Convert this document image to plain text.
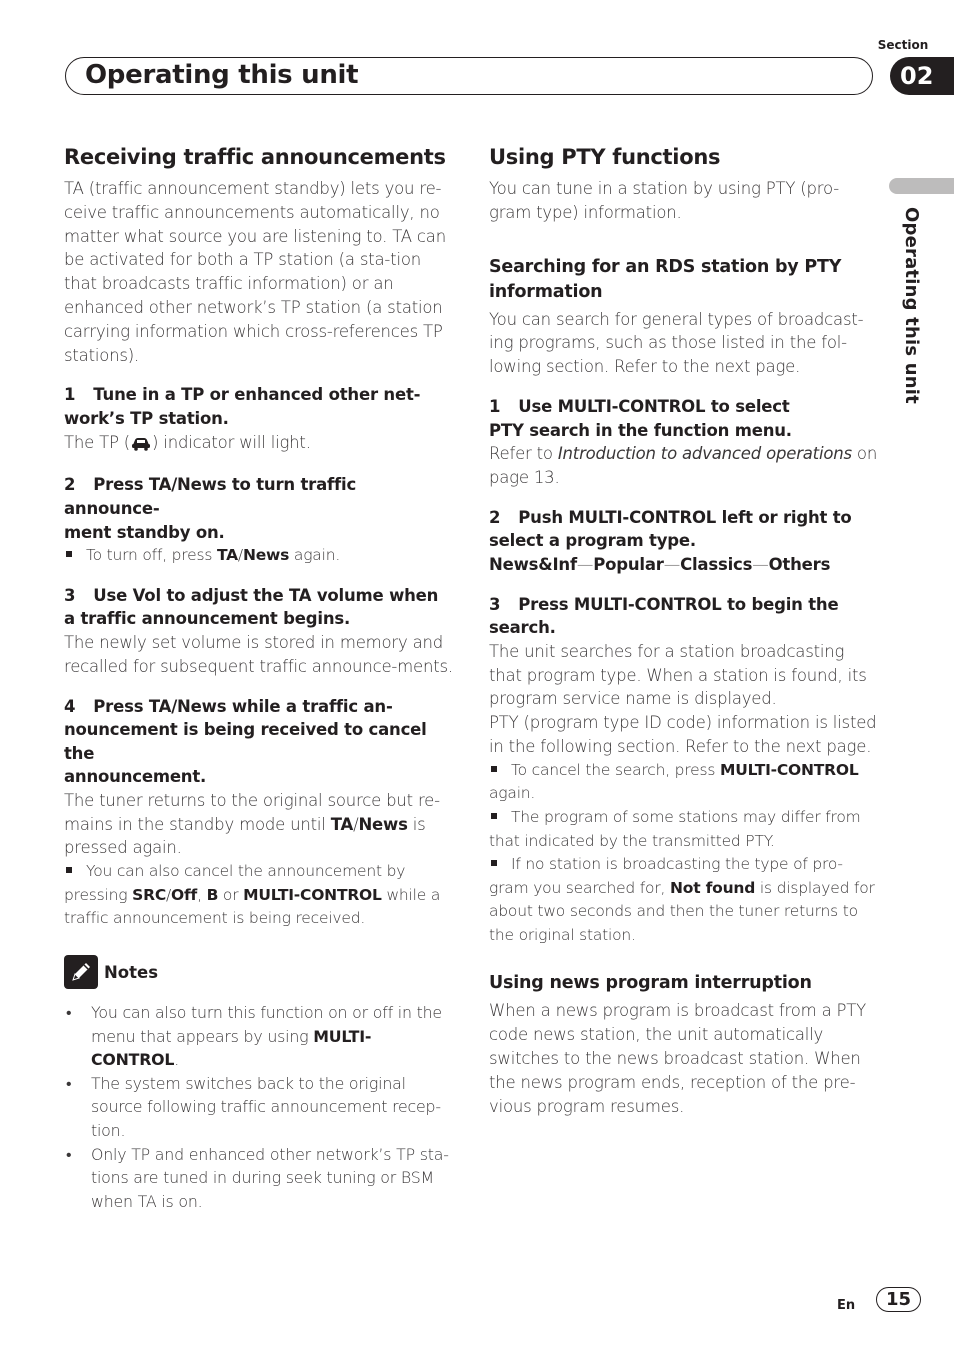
Section
Operating this unit	02
Operating this unit
Receiving traffic announcements

TA (traffic announcement standby) lets you re-ceive traffic announcements automatically, no matter what source you are listening to. TA can be activated for both a TP station (a sta-tion that broadcasts traffic information) or an enhanced other network’s TP station (a station carrying information which cross-references TP stations).

1 Tune in a TP or enhanced other net-
work’s TP station.

The TP ( ) indicator will light.

2 Press TA/News to turn traffic announce-
ment standby on.

To turn off, press TA/News again.

3 Use Vol to adjust the TA volume when
a traffic announcement begins.

The newly set volume is stored in memory and recalled for subsequent traffic announce-ments.

4 Press TA/News while a traffic an-
nouncement is being received to cancel the
announcement.

The tuner returns to the original source but re-mains in the standby mode until TA/News is pressed again.

You can also cancel the announcement by pressing SRC/Off, B or MULTI-CONTROL while a traffic announcement is being received.

Notes
•	You can also turn this function on or off in the menu that appears by using MULTI-CONTROL.
•	The system switches back to the original source following traffic announcement recep-tion.
•	Only TP and enhanced other network’s TP sta-tions are tuned in during seek tuning or BSM when TA is on.
Using PTY functions

You can tune in a station by using PTY (pro-gram type) information.

Searching for an RDS station by PTY information

You can search for general types of broadcast-ing programs, such as those listed in the fol-lowing section. Refer to the next page.

1 Use MULTI-CONTROL to select
PTY search in the function menu.

Refer to Introduction to advanced operations on page 13.

2 Push MULTI-CONTROL left or right to
select a program type.
News&Inf—Popular—Classics—Others
3 Press MULTI-CONTROL to begin the
search.

The unit searches for a station broadcasting that program type. When a station is found, its program service name is displayed.

PTY (program type ID code) information is listed in the following section. Refer to the next page.

To cancel the search, press MULTI-CONTROL again.

The program of some stations may differ from that indicated by the transmitted PTY.

If no station is broadcasting the type of pro-gram you searched for, Not found is displayed for about two seconds and then the tuner returns to the original station.

Using news program interruption

When a news program is broadcast from a PTY code news station, the unit automatically switches to the news broadcast station. When the news program ends, reception of the pre-vious program resumes.

En	15
